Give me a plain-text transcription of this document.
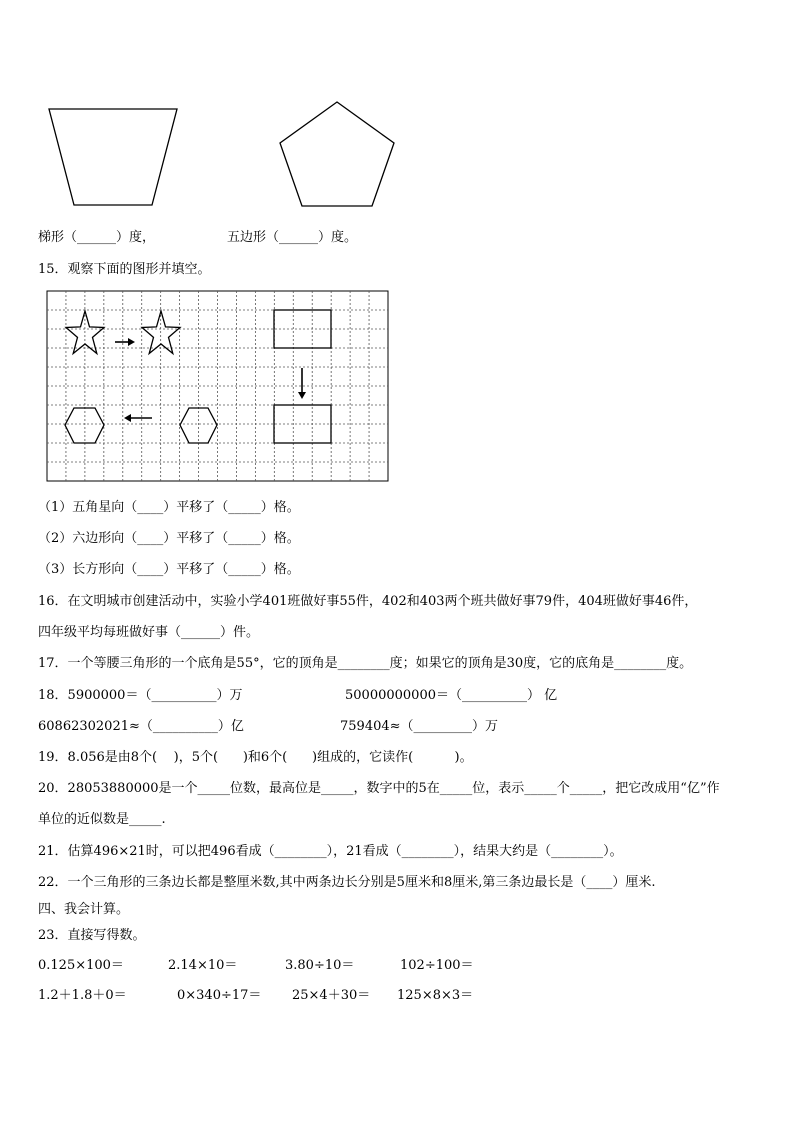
梯形（______）度，	五边形（______）度。
15．观察下面的图形并填空。
（1）五角星向（____）平移了（_____）格。
（2）六边形向（____）平移了（_____）格。
（3）长方形向（____）平移了（_____）格。
16．在文明城市创建活动中，实验小学401班做好事55件，402和403两个班共做好事79件，404班做好事46件，
四年级平均每班做好事（______）件。
17．一个等腰三角形的一个底角是55°，它的顶角是________度；如果它的顶角是30度，它的底角是________度。
18．5900000＝（__________）万	50000000000＝（__________） 亿
60862302021≈（__________）亿	759404≈（_________）万
19．8.056是由8个(    )，5个(      )和6个(      )组成的，它读作(          )。
20．28053880000是一个_____位数，最高位是_____，数字中的5在_____位，表示_____个_____，把它改成用“亿”作
单位的近似数是_____.
21．估算496×21时，可以把496看成（________），21看成（________），结果大约是（________）。
22．一个三角形的三条边长都是整厘米数,其中两条边长分别是5厘米和8厘米,第三条边最长是（____）厘米.
四、我会计算。
23．直接写得数。
0.125×100＝	2.14×10＝	3.80÷10＝	102÷100＝
1.2＋1.8＋0＝	0×340÷17＝ 25×4＋30＝ 125×8×3＝
